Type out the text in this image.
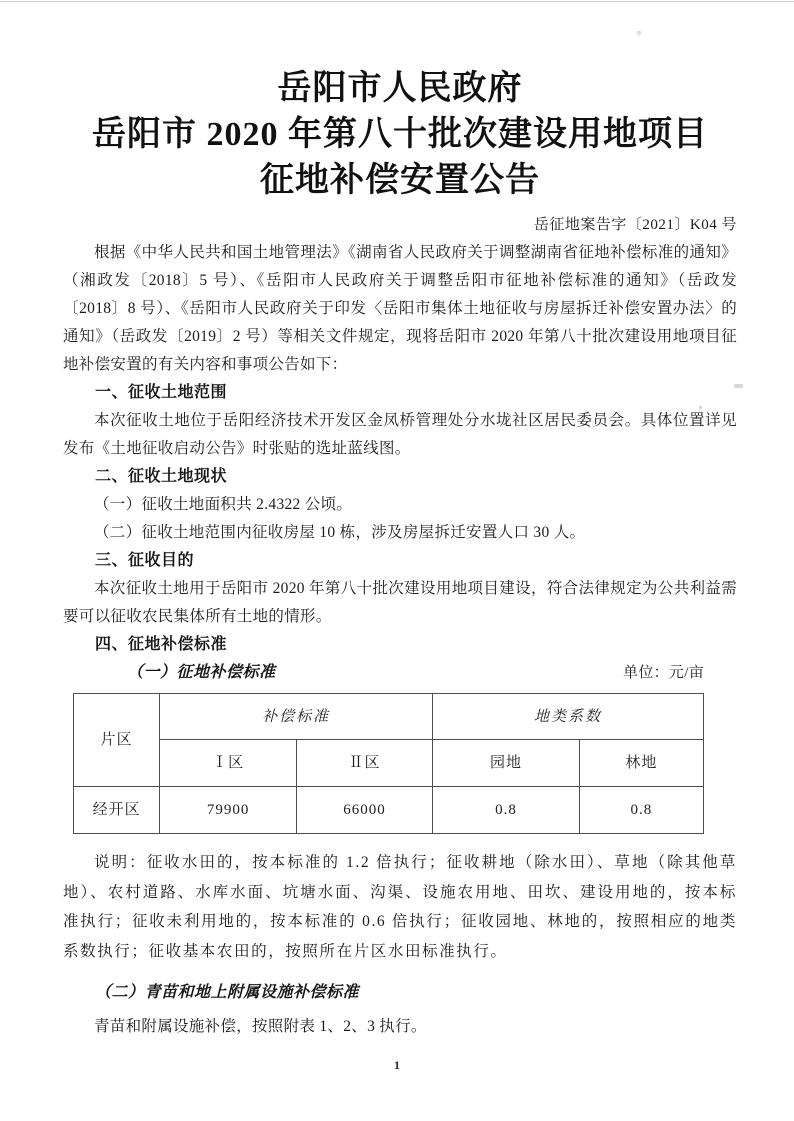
岳阳市人民政府
岳阳市 2020 年第八十批次建设用地项目
征地补偿安置公告
岳征地案告字〔2021〕K04 号

根据《中华人民共和国土地管理法》《湖南省人民政府关于调整湖南省征地补偿标准的通知》（湘政发〔2018〕5 号）、《岳阳市人民政府关于调整岳阳市征地补偿标准的通知》（岳政发〔2018〕8 号）、《岳阳市人民政府关于印发〈岳阳市集体土地征收与房屋拆迁补偿安置办法〉的通知》（岳政发〔2019〕2 号）等相关文件规定，现将岳阳市 2020 年第八十批次建设用地项目征地补偿安置的有关内容和事项公告如下：

一、征收土地范围

本次征收土地位于岳阳经济技术开发区金凤桥管理处分水垅社区居民委员会。具体位置详见发布《土地征收启动公告》时张贴的选址蓝线图。

二、征收土地现状

（一）征收土地面积共 2.4322 公顷。

（二）征收土地范围内征收房屋 10 栋，涉及房屋拆迁安置人口 30 人。

三、征收目的

本次征收土地用于岳阳市 2020 年第八十批次建设用地项目建设，符合法律规定为公共利益需要可以征收农民集体所有土地的情形。

四、征地补偿标准
（一）征地补偿标准	单位：元/亩
片区	补偿标准		地类系数	
	Ⅰ区	Ⅱ区	园地	林地
经开区	79900	66000	0.8	0.8

说明：征收水田的，按本标准的 1.2 倍执行；征收耕地（除水田）、草地（除其他草地）、农村道路、水库水面、坑塘水面、沟渠、设施农用地、田坎、建设用地的，按本标准执行；征收未利用地的，按本标准的 0.6 倍执行；征收园地、林地的，按照相应的地类系数执行；征收基本农田的，按照所在片区水田标准执行。

（二）青苗和地上附属设施补偿标准

青苗和附属设施补偿，按照附表 1、2、3 执行。

1
